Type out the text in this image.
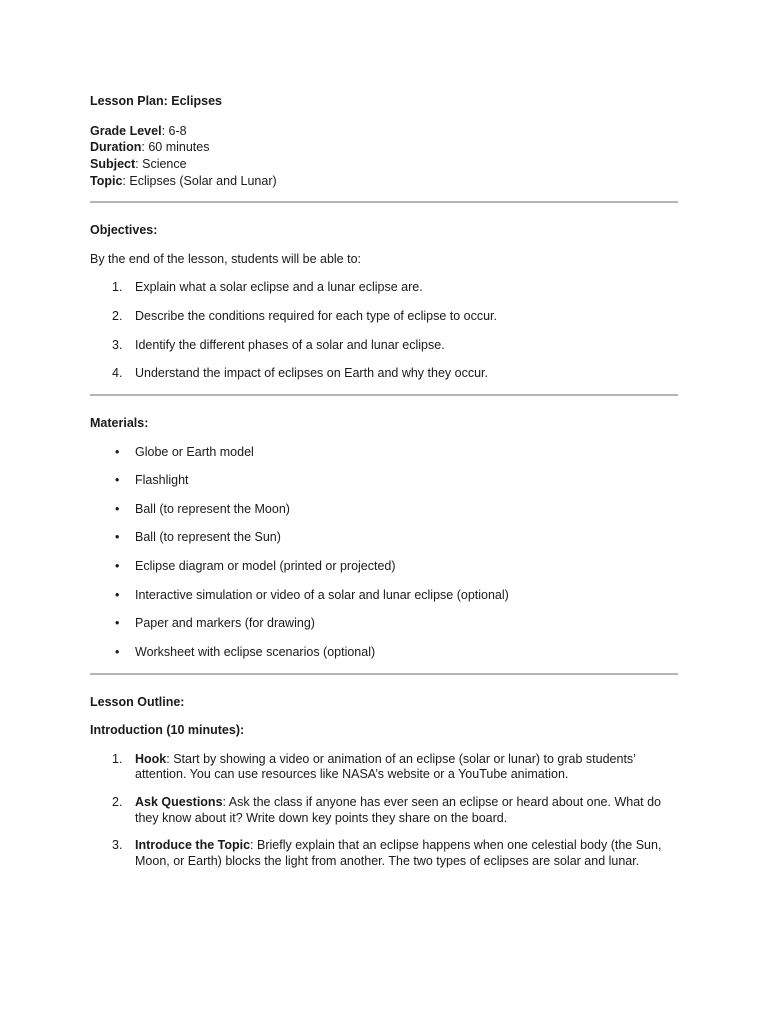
Lesson Plan: Eclipses
Grade Level: 6-8
Duration: 60 minutes
Subject: Science
Topic: Eclipses (Solar and Lunar)
Objectives:
By the end of the lesson, students will be able to:
1.	Explain what a solar eclipse and a lunar eclipse are.
2.	Describe the conditions required for each type of eclipse to occur.
3.	Identify the different phases of a solar and lunar eclipse.
4.	Understand the impact of eclipses on Earth and why they occur.
Materials:
• Globe or Earth model
• Flashlight
• Ball (to represent the Moon)
• Ball (to represent the Sun)
• Eclipse diagram or model (printed or projected)
• Interactive simulation or video of a solar and lunar eclipse (optional)
• Paper and markers (for drawing)
• Worksheet with eclipse scenarios (optional)
Lesson Outline:
Introduction (10 minutes):
1.	Hook: Start by showing a video or animation of an eclipse (solar or lunar) to grab students’ attention. You can use resources like NASA’s website or a YouTube animation.
2.	Ask Questions: Ask the class if anyone has ever seen an eclipse or heard about one. What do they know about it? Write down key points they share on the board.
3.	Introduce the Topic: Briefly explain that an eclipse happens when one celestial body (the Sun, Moon, or Earth) blocks the light from another. The two types of eclipses are solar and lunar.
